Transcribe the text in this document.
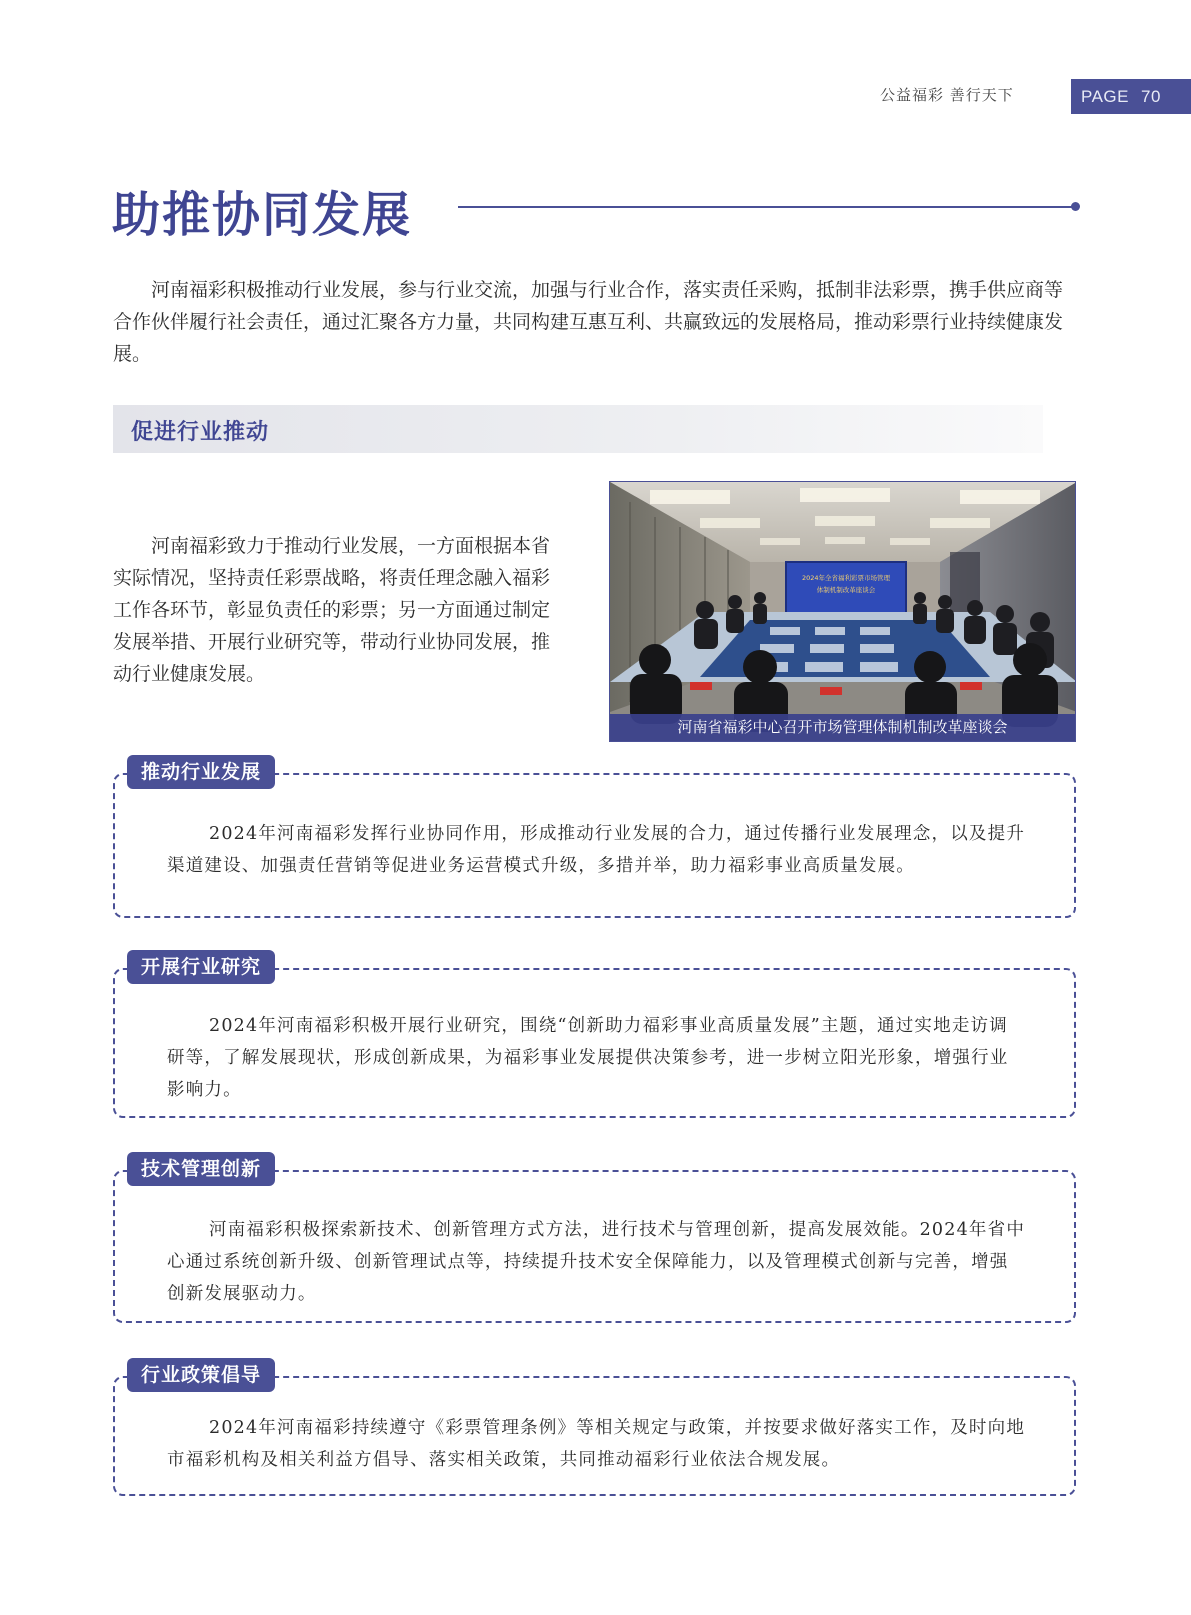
公益福彩 善行天下	PAGE 70
助推协同发展

河南福彩积极推动行业发展，参与行业交流，加强与行业合作，落实责任采购，抵制非法彩票，携手供应商等合作伙伴履行社会责任，通过汇聚各方力量，共同构建互惠互利、共赢致远的发展格局，推动彩票行业持续健康发展。

促进行业推动

河南福彩致力于推动行业发展，一方面根据本省实际情况，坚持责任彩票战略，将责任理念融入福彩工作各环节，彰显负责任的彩票；另一方面通过制定发展举措、开展行业研究等，带动行业协同发展，推动行业健康发展。

2024年全省福利彩票市场管理
体制机制改革座谈会
河南省福彩中心召开市场管理体制机制改革座谈会
推动行业发展

2024年河南福彩发挥行业协同作用，形成推动行业发展的合力，通过传播行业发展理念，以及提升渠道建设、加强责任营销等促进业务运营模式升级，多措并举，助力福彩事业高质量发展。

开展行业研究

2024年河南福彩积极开展行业研究，围绕“创新助力福彩事业高质量发展”主题，通过实地走访调研等，了解发展现状，形成创新成果，为福彩事业发展提供决策参考，进一步树立阳光形象，增强行业影响力。

技术管理创新

河南福彩积极探索新技术、创新管理方式方法，进行技术与管理创新，提高发展效能。2024年省中心通过系统创新升级、创新管理试点等，持续提升技术安全保障能力，以及管理模式创新与完善，增强创新发展驱动力。

行业政策倡导

2024年河南福彩持续遵守《彩票管理条例》等相关规定与政策，并按要求做好落实工作，及时向地市福彩机构及相关利益方倡导、落实相关政策，共同推动福彩行业依法合规发展。
